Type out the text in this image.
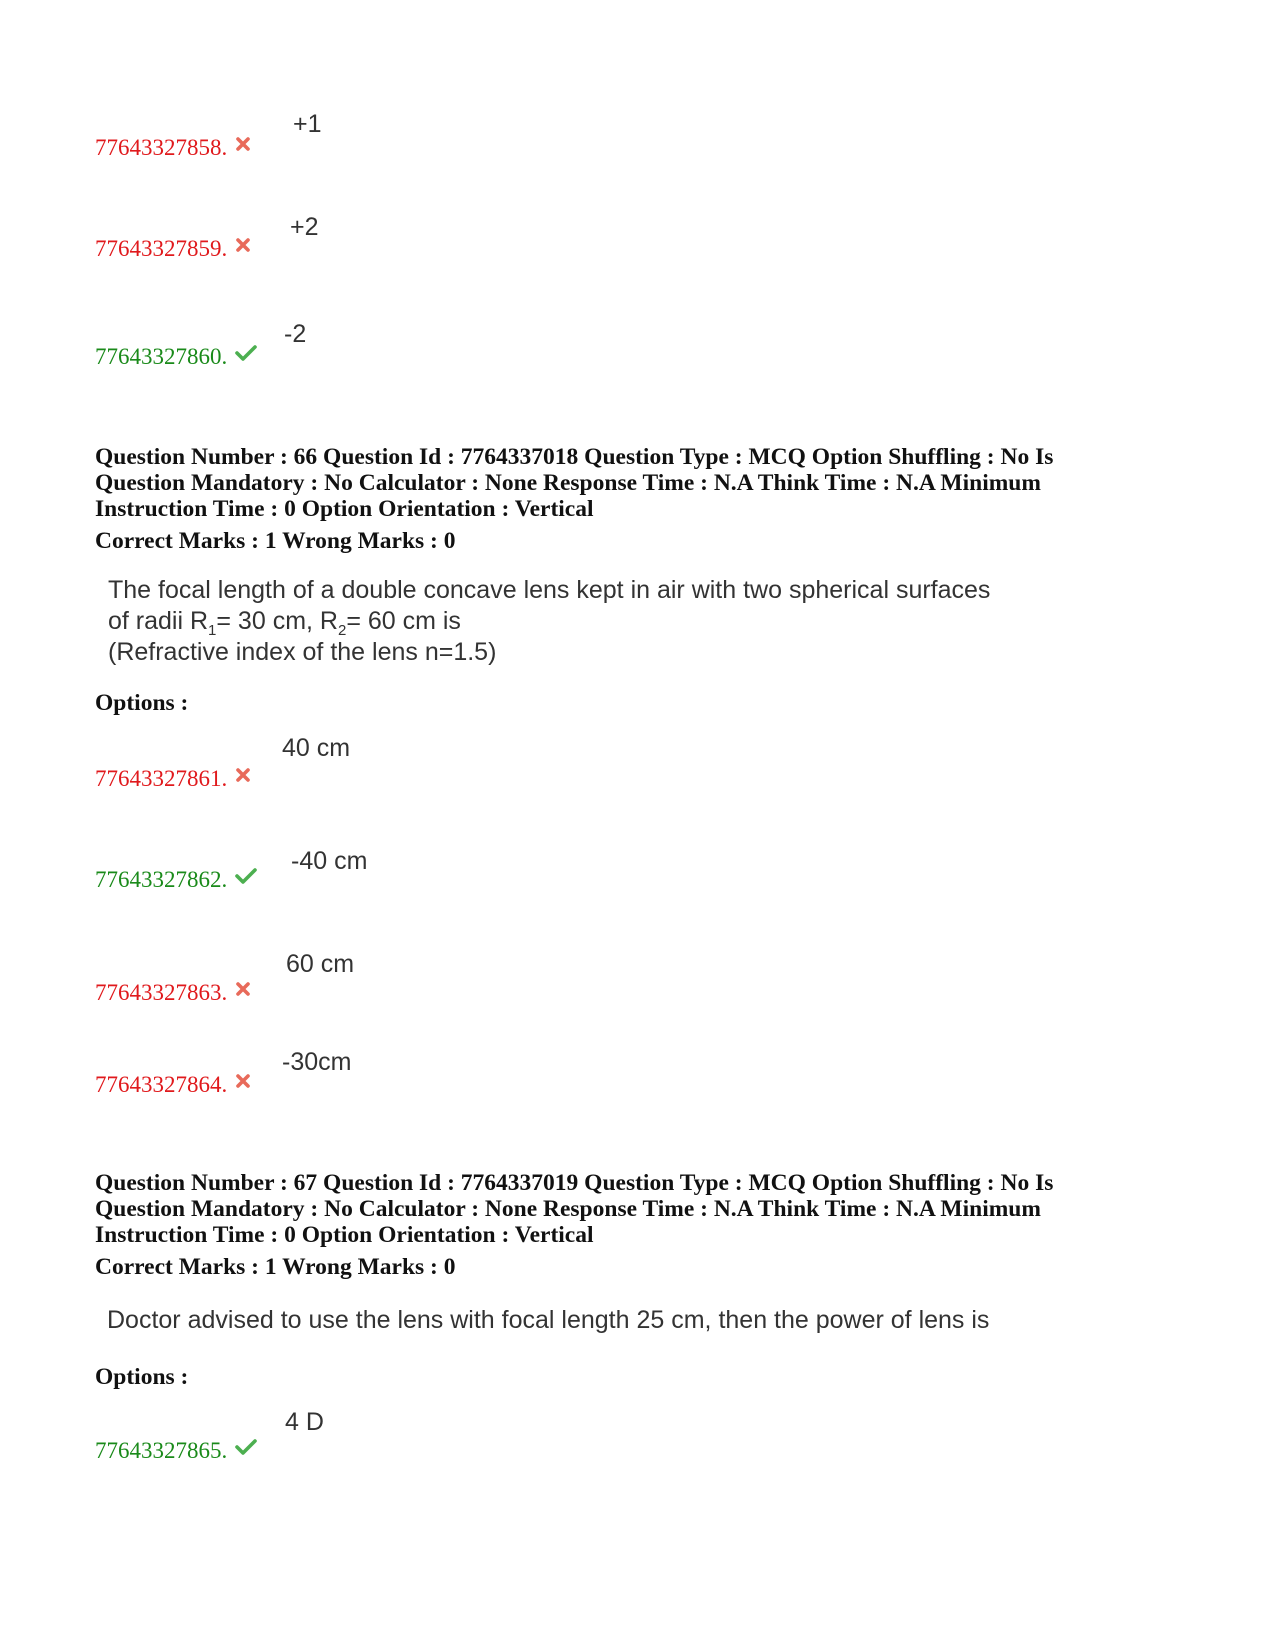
+1
77643327858.
+2
77643327859.
-2
77643327860.
Question Number : 66 Question Id : 7764337018 Question Type : MCQ Option Shuffling : No Is
Question Mandatory : No Calculator : None Response Time : N.A Think Time : N.A Minimum
Instruction Time : 0 Option Orientation : Vertical
Correct Marks : 1 Wrong Marks : 0
The focal length of a double concave lens kept in air with two spherical surfaces
of radii $R_1= 30$ cm, $R_2= 60$ cm is
(Refractive index of the lens n=1.5)
Options :
40 cm
77643327861.
-40 cm
77643327862.
60 cm
77643327863.
-30cm
77643327864.
Question Number : 67 Question Id : 7764337019 Question Type : MCQ Option Shuffling : No Is
Question Mandatory : No Calculator : None Response Time : N.A Think Time : N.A Minimum
Instruction Time : 0 Option Orientation : Vertical
Correct Marks : 1 Wrong Marks : 0
Doctor advised to use the lens with focal length 25 cm, then the power of lens is
Options :
4 D
77643327865.
